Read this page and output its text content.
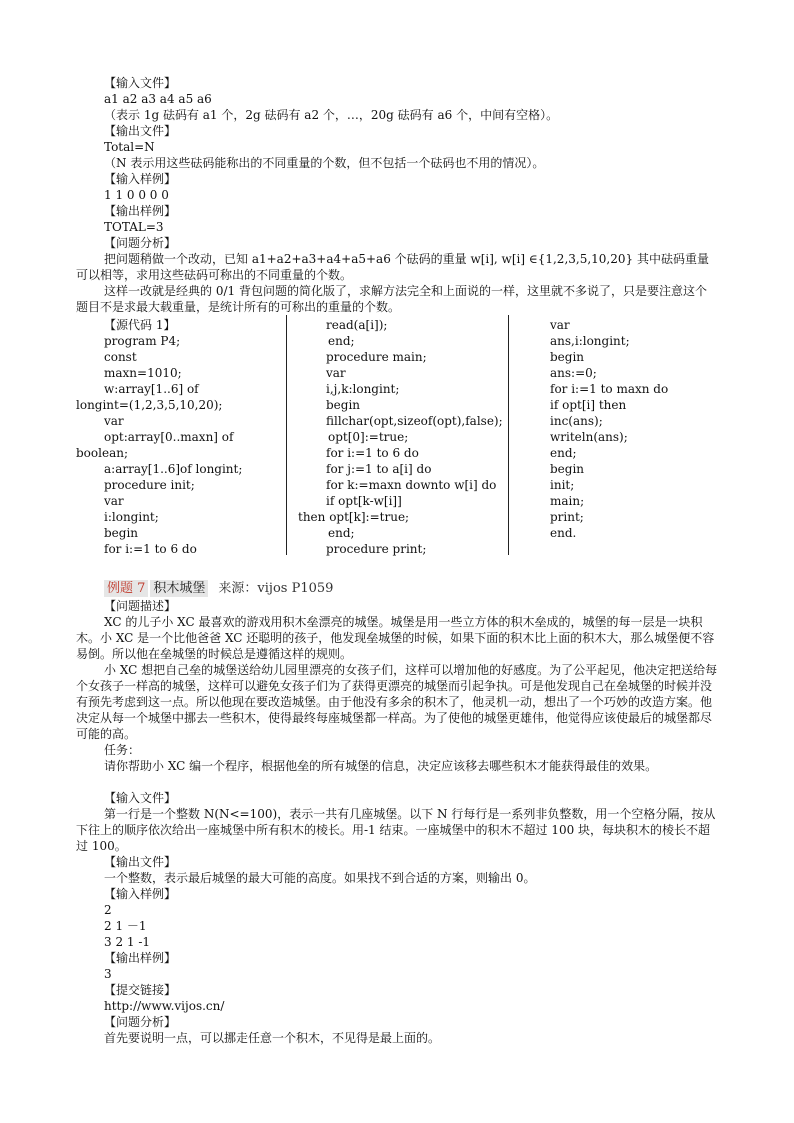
【输入文件】
a1 a2 a3 a4 a5 a6
（表示 1g 砝码有 a1 个，2g 砝码有 a2 个，…，20g 砝码有 a6 个，中间有空格）。
【输出文件】
Total=N
（N 表示用这些砝码能称出的不同重量的个数，但不包括一个砝码也不用的情况）。
【输入样例】
1 1 0 0 0 0
【输出样例】
TOTAL=3
【问题分析】
把问题稍做一个改动，已知 a1+a2+a3+a4+a5+a6 个砝码的重量 w[i], w[i] ∈{1,2,3,5,10,20} 其中砝码重量可以相等，求用这些砝码可称出的不同重量的个数。
这样一改就是经典的 0/1 背包问题的简化版了，求解方法完全和上面说的一样，这里就不多说了，只是要注意这个题目不是求最大载重量，是统计所有的可称出的重量的个数。
【源代码 1】
program P4;
const
maxn=1010;
w:array[1..6] of
longint=(1,2,3,5,10,20);
var
opt:array[0..maxn] of
boolean;
a:array[1..6]of longint;
procedure init;
var
i:longint;
begin
for i:=1 to 6 do
read(a[i]);
end;
procedure main;
var
i,j,k:longint;
begin
fillchar(opt,sizeof(opt),false);
opt[0]:=true;
for i:=1 to 6 do
for j:=1 to a[i] do
for k:=maxn downto w[i] do
if opt[k-w[i]]
then opt[k]:=true;
end;
procedure print;
var
ans,i:longint;
begin
ans:=0;
for i:=1 to maxn do
if opt[i] then
inc(ans);
writeln(ans);
end;
begin
init;
main;
print;
end.
例题 7 积木城堡 来源：vijos P1059
【问题描述】
XC 的儿子小 XC 最喜欢的游戏用积木垒漂亮的城堡。城堡是用一些立方体的积木垒成的，城堡的每一层是一块积木。小 XC 是一个比他爸爸 XC 还聪明的孩子，他发现垒城堡的时候，如果下面的积木比上面的积木大，那么城堡便不容易倒。所以他在垒城堡的时候总是遵循这样的规则。
小 XC 想把自己垒的城堡送给幼儿园里漂亮的女孩子们，这样可以增加他的好感度。为了公平起见，他决定把送给每个女孩子一样高的城堡，这样可以避免女孩子们为了获得更漂亮的城堡而引起争执。可是他发现自己在垒城堡的时候并没有预先考虑到这一点。所以他现在要改造城堡。由于他没有多余的积木了，他灵机一动，想出了一个巧妙的改造方案。他决定从每一个城堡中挪去一些积木，使得最终每座城堡都一样高。为了使他的城堡更雄伟，他觉得应该使最后的城堡都尽可能的高。
任务：
请你帮助小 XC 编一个程序，根据他垒的所有城堡的信息，决定应该移去哪些积木才能获得最佳的效果。
【输入文件】
第一行是一个整数 N(N<=100)，表示一共有几座城堡。以下 N 行每行是一系列非负整数，用一个空格分隔，按从下往上的顺序依次给出一座城堡中所有积木的棱长。用-1 结束。一座城堡中的积木不超过 100 块，每块积木的棱长不超过 100。
【输出文件】
一个整数，表示最后城堡的最大可能的高度。如果找不到合适的方案，则输出 0。
【输入样例】
2
2 1 －1
3 2 1 -1
【输出样例】
3
【提交链接】
http://www.vijos.cn/
【问题分析】
首先要说明一点，可以挪走任意一个积木，不见得是最上面的。
